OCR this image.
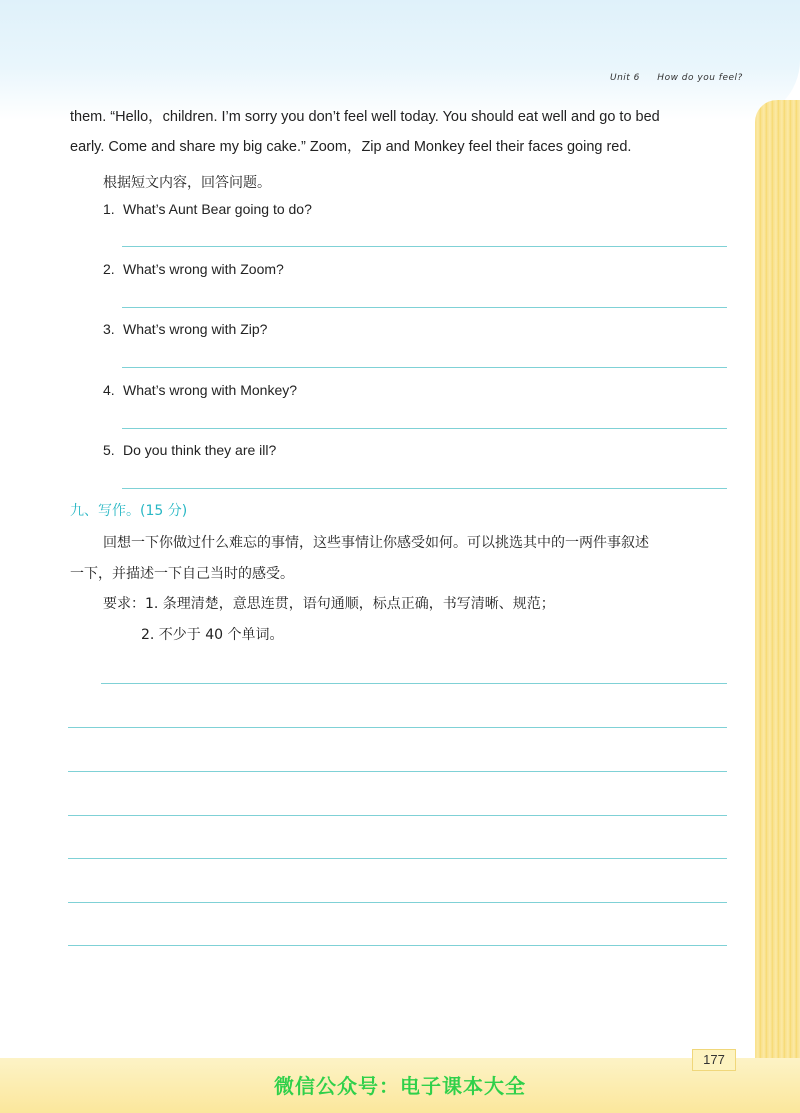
Unit 6 How do you feel?
them. “Hello，children. I’m sorry you don’t feel well today. You should eat well and go to bed
early. Come and share my big cake.” Zoom，Zip and Monkey feel their faces going red.
根据短文内容，回答问题。
1. What’s Aunt Bear going to do?
2. What’s wrong with Zoom?
3. What’s wrong with Zip?
4. What’s wrong with Monkey?
5. Do you think they are ill?
九、写作。(15 分)
回想一下你做过什么难忘的事情，这些事情让你感受如何。可以挑选其中的一两件事叙述
一下，并描述一下自己当时的感受。
要求：1. 条理清楚，意思连贯，语句通顺，标点正确，书写清晰、规范；
2. 不少于 40 个单词。
177
微信公众号：电子课本大全
